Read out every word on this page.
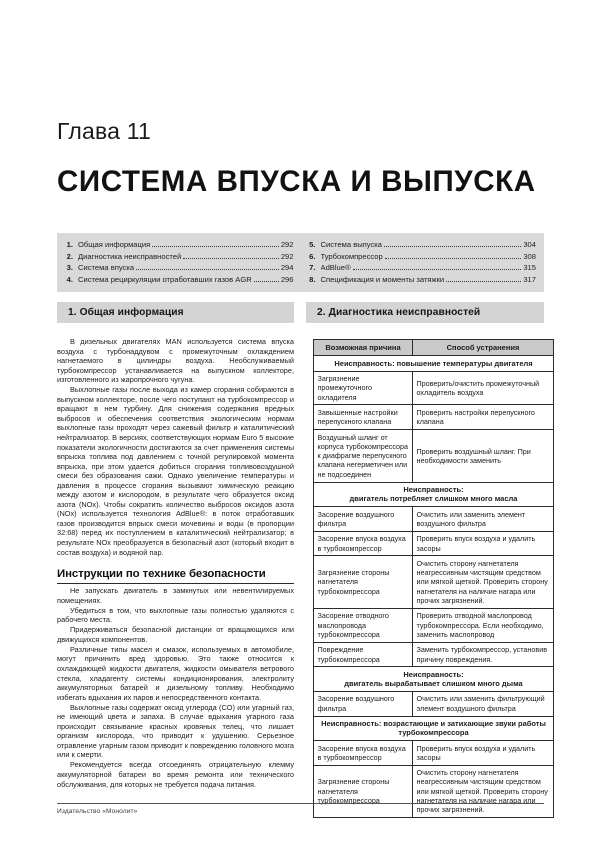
Глава 11
СИСТЕМА ВПУСКА И ВЫПУСКА
1. Общая информация	292
2. Диагностика неисправностей	292
3. Система впуска	294
4. Система рециркуляции отработавших газов AGR	296
5. Система выпуска	304
6. Турбокомпрессор	308
7. AdBlue®	315
8. Спецификация и моменты затяжки	317
1. Общая информация	2. Диагностика неисправностей

В дизельных двигателях MAN используется система впуска воздуха с турбонаддувом с промежуточным охлаждением нагнетаемого в цилиндры воздуха. Необслуживаемый турбокомпрессор устанавливается на выпускном коллекторе, изготовленного из жаропрочного чугуна.

Выхлопные газы после выхода из камер сгорания собираются в выпускном коллекторе, после чего поступают на турбокомпрессор и вращают в нем турбину. Для снижения содержания вредных выбросов и обеспечения соответствия экологическим нормам выхлопные газы проходят через сажевый фильтр и каталитический нейтрализатор. В версиях, соответствующих нормам Euro 5 высокие показатели экологичности достигаются за счет применения системы впрыска топлива под давлением с точной регулировкой момента впрыска, при этом удается добиться сгорания топливовоздушной смеси без образования сажи. Однако увеличение температуры и давления в процессе сгорания вызывают химическую реакцию между азотом и кислородом, в результате чего образуется оксид азота (NOx). Чтобы сократить количество выбросов оксидов азота (NOx) используется технология AdBlue®: в поток отработавших газов производится впрыск смеси мочевины и воды (в пропорции 32:68) перед их поступлением в каталитический нейтрализатор; в результате NOx преобразуется в безопасный азот (который входит в состав воздуха) и водяной пар.

Инструкции по технике безопасности

Не запускать двигатель в замкнутых или невентилируемых помещениях.

Убедиться в том, что выхлопные газы полностью удаляются с рабочего места.

Придерживаться безопасной дистанции от вращающихся или движущихся компонентов.

Различные типы масел и смазок, используемых в автомобиле, могут причинить вред здоровью. Это также относится к охлаждающей жидкости двигателя, жидкости омывателя ветрового стекла, хладагенту системы кондиционирования, электролиту аккумуляторных батарей и дизельному топливу. Необходимо избегать вдыхания их паров и непосредственного контакта.

Выхлопные газы содержат оксид углерода (CO) или угарный газ, не имеющий цвета и запаха. В случае вдыхания угарного газа происходит связывание красных кровяных телец, что лишает организм кислорода, что приводит к удушению. Серьезное отравление угарным газом приводит к повреждению головного мозга или к смерти.

Рекомендуется всегда отсоединять отрицательную клемму аккумуляторной батареи во время ремонта или технического обслуживания, для которых не требуется подача питания.

Возможная причина	Способ устранения
Неисправность: повышение температуры двигателя	
Загрязнение промежуточного охладителя	Проверить/очистить промежуточный охладитель воздуха
Завышенные настройки перепускного клапана	Проверить настройки перепускного клапана
Воздушный шланг от корпуса турбокомпрессора к диафрагме перепускного клапана негерметичен или не подсоединен	Проверить воздушный шланг. При необходимости заменить
Неисправность:
двигатель потребляет слишком много масла	
Засорение воздушного фильтра	Очистить или заменить элемент воздушного фильтра
Засорение впуска воздуха в турбокомпрессор	Проверить впуск воздуха и удалить засоры
Загрязнение стороны нагнетателя турбокомпрессора	Очистить сторону нагнетателя неагрессивным чистящим средством или мягкой щеткой. Проверить сторону нагнетателя на наличие нагара или прочих загрязнений.
Засорение отводного маслопровода турбокомпрессора	Проверить отводной маслопровод турбокомпрессора. Если необходимо, заменить маслопровод
Повреждение турбокомпрессора	Заменить турбокомпрессор, установив причину повреждения.
Неисправность:
двигатель вырабатывает слишком много дыма	
Засорение воздушного фильтра	Очистить или заменить фильтрующий элемент воздушного фильтра
Неисправность: возрастающие и затихающие звуки работы турбокомпрессора	
Засорение впуска воздуха в турбокомпрессор	Проверить впуск воздуха и удалить засоры
Загрязнение стороны нагнетателя турбокомпрессора	Очистить сторону нагнетателя неагрессивным чистящим средством или мягкой щеткой. Проверить сторону нагнетателя на наличие нагара или прочих загрязнений.
Издательство «Монолит»
